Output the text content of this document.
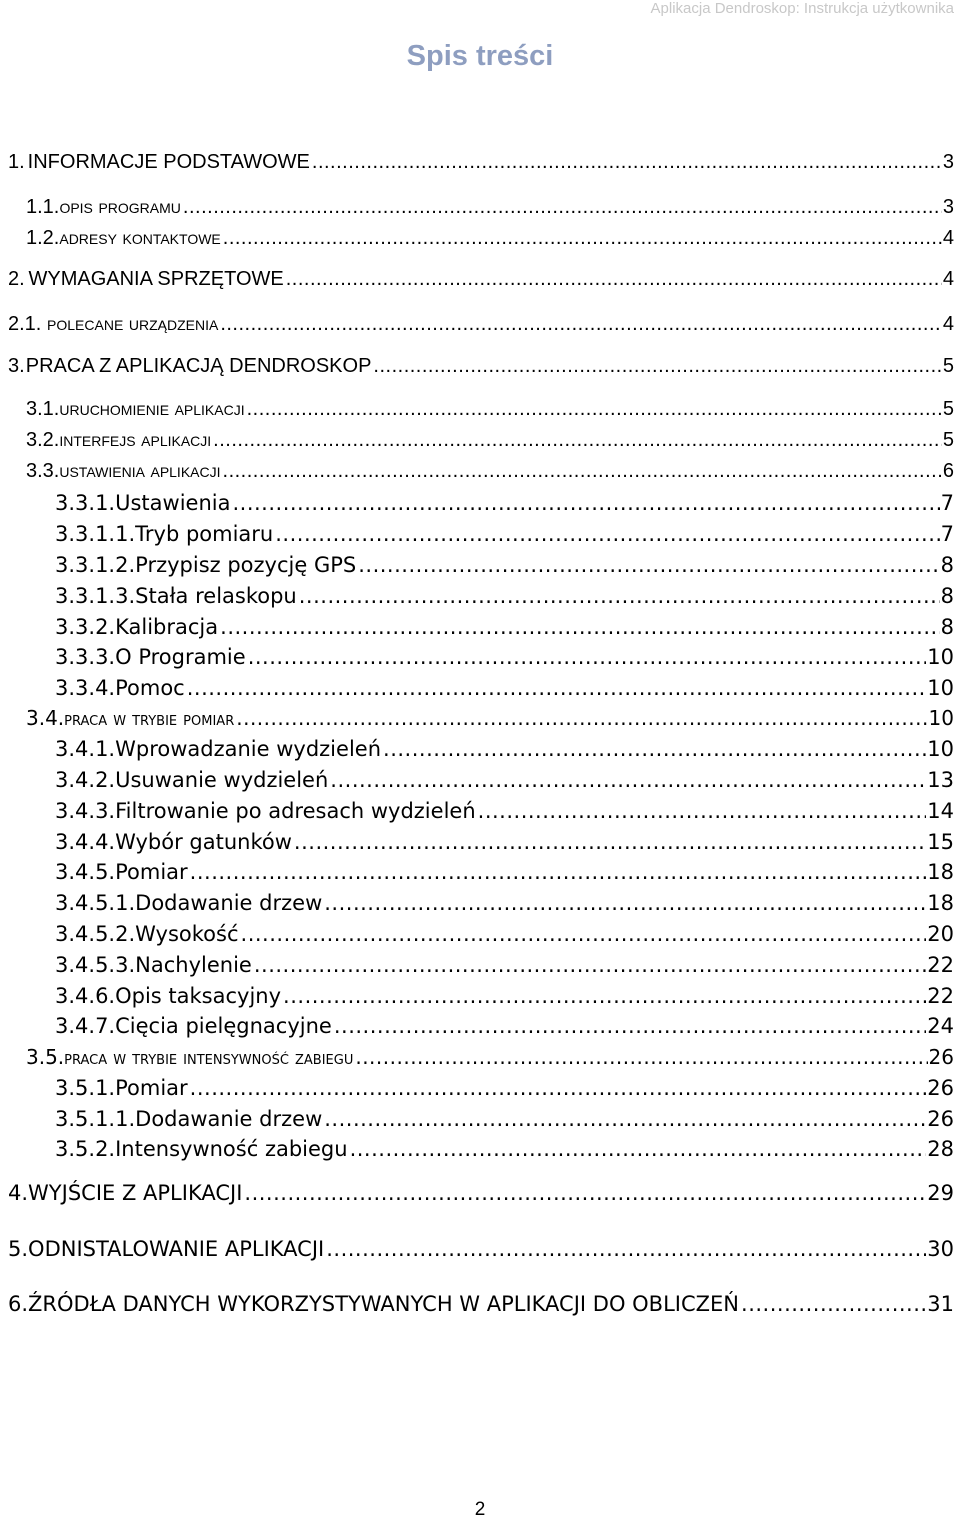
Aplikacja Dendroskop: Instrukcja użytkownika
Spis treści
1. INFORMACJE PODSTAWOWE .....	3
1.1. opis programu .....	3
1.2. adresy kontaktowe .....	4
2. WYMAGANIA SPRZĘTOWE .....	4
2.1. polecane urządzenia .....	4
3. PRACA Z APLIKACJĄ DENDROSKOP .....	5
3.1. uruchomienie aplikacji .....	5
3.2. interfejs aplikacji .....	5
3.3. ustawienia aplikacji .....	6
3.3.1. Ustawienia .....	7
3.3.1.1. Tryb pomiaru .....	7
3.3.1.2. Przypisz pozycję GPS .....	8
3.3.1.3. Stała relaskopu .....	8
3.3.2. Kalibracja .....	8
3.3.3. O Programie .....	10
3.3.4. Pomoc .....	10
3.4. praca w trybie pomiar .....	10
3.4.1. Wprowadzanie wydzieleń .....	10
3.4.2. Usuwanie wydzieleń .....	13
3.4.3. Filtrowanie po adresach wydzieleń .....	14
3.4.4. Wybór gatunków .....	15
3.4.5. Pomiar .....	18
3.4.5.1. Dodawanie drzew .....	18
3.4.5.2. Wysokość .....	20
3.4.5.3. Nachylenie .....	22
3.4.6. Opis taksacyjny .....	22
3.4.7. Cięcia pielęgnacyjne .....	24
3.5. praca w trybie intensywność zabiegu .....	26
3.5.1. Pomiar .....	26
3.5.1.1. Dodawanie drzew .....	26
3.5.2. Intensywność zabiegu .....	28
4. WYJŚCIE Z APLIKACJI .....	29
5. ODNISTALOWANIE APLIKACJI .....	30
6. ŹRÓDŁA DANYCH WYKORZYSTYWANYCH W APLIKACJI DO OBLICZEŃ .....	31
2
